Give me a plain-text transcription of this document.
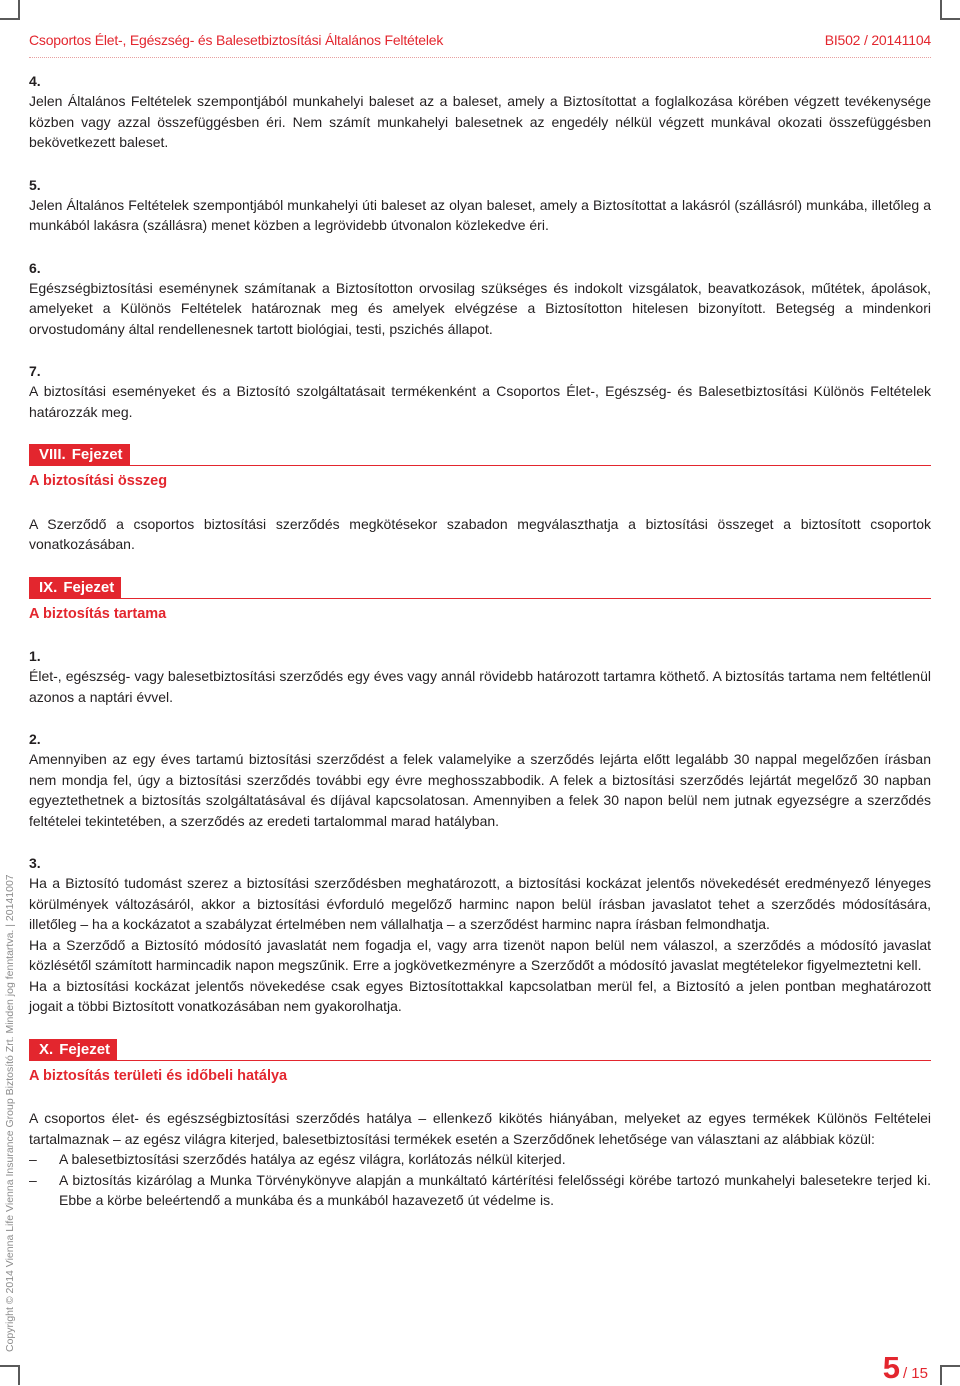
Csoportos Élet-, Egészség- és Balesetbiztosítási Általános Feltételek	BI502 / 20141104
Copyright © 2014 Vienna Life Vienna Insurance Group Biztosító Zrt. Minden jog fenntartva. | 20141007

4.

Jelen Általános Feltételek szempontjából munkahelyi baleset az a baleset, amely a Biztosítottat a foglalkozása körében végzett tevékenysége közben vagy azzal összefüggésben éri. Nem számít munkahelyi balesetnek az engedély nélkül végzett munkával okozati összefüggésben bekövetkezett baleset.

5.

Jelen Általános Feltételek szempontjából munkahelyi úti baleset az olyan baleset, amely a Biztosítottat a lakásról (szállásról) munkába, illetőleg a munkából lakásra (szállásra) menet közben a legrövidebb útvonalon közlekedve éri.

6.

Egészségbiztosítási eseménynek számítanak a Biztosítotton orvosilag szükséges és indokolt vizsgálatok, beavatkozások, műtétek, ápolások, amelyeket a Különös Feltételek határoznak meg és amelyek elvégzése a Biztosítotton hitelesen bizonyított. Betegség a mindenkori orvostudomány által rendellenesnek tartott biológiai, testi, pszichés állapot.

7.

A biztosítási eseményeket és a Biztosító szolgáltatásait termékenként a Csoportos Élet-, Egészség- és Balesetbiztosítási Különös Feltételek határozzák meg.

VIII. Fejezet
A biztosítási összeg

A Szerződő a csoportos biztosítási szerződés megkötésekor szabadon megválaszthatja a biztosítási összeget a biztosított csoportok vonatkozásában.

IX. Fejezet
A biztosítás tartama

1.

Élet-, egészség- vagy balesetbiztosítási szerződés egy éves vagy annál rövidebb határozott tartamra köthető. A biztosítás tartama nem feltétlenül azonos a naptári évvel.

2.

Amennyiben az egy éves tartamú biztosítási szerződést a felek valamelyike a szerződés lejárta előtt legalább 30 nappal megelőzően írásban nem mondja fel, úgy a biztosítási szerződés további egy évre meghosszabbodik. A felek a biztosítási szerződés lejártát megelőző 30 napban egyeztethetnek a biztosítás szolgáltatásával és díjával kapcsolatosan. Amennyiben a felek 30 napon belül nem jutnak egyezségre a szerződés feltételei tekintetében, a szerződés az eredeti tartalommal marad hatályban.

3.

Ha a Biztosító tudomást szerez a biztosítási szerződésben meghatározott, a biztosítási kockázat jelentős növekedését eredményező lényeges körülmények változásáról, akkor a biztosítási évforduló megelőző harminc napon belül írásban javaslatot tehet a szerződés módosítására, illetőleg – ha a kockázatot a szabályzat értelmében nem vállalhatja – a szerződést harminc napra írásban felmondhatja.

Ha a Szerződő a Biztosító módosító javaslatát nem fogadja el, vagy arra tizenöt napon belül nem válaszol, a szerződés a módosító javaslat közlésétől számított harmincadik napon megszűnik. Erre a jogkövetkezményre a Szerződőt a módosító javaslat megtételekor figyelmeztetni kell.

Ha a biztosítási kockázat jelentős növekedése csak egyes Biztosítottakkal kapcsolatban merül fel, a Biztosító a jelen pontban meghatározott jogait a többi Biztosított vonatkozásában nem gyakorolhatja.

X. Fejezet
A biztosítás területi és időbeli hatálya

A csoportos élet- és egészségbiztosítási szerződés hatálya – ellenkező kikötés hiányában, melyeket az egyes termékek Különös Feltételei tartalmaznak – az egész világra kiterjed, balesetbiztosítási termékek esetén a Szerződőnek lehetősége van választani az alábbiak közül:

–	A balesetbiztosítási szerződés hatálya az egész világra, korlátozás nélkül kiterjed.
–	A biztosítás kizárólag a Munka Törvénykönyve alapján a munkáltató kártérítési felelősségi körébe tartozó munkahelyi balesetekre terjed ki. Ebbe a körbe beleértendő a munkába és a munkából hazavezető út védelme is.
5 / 15
